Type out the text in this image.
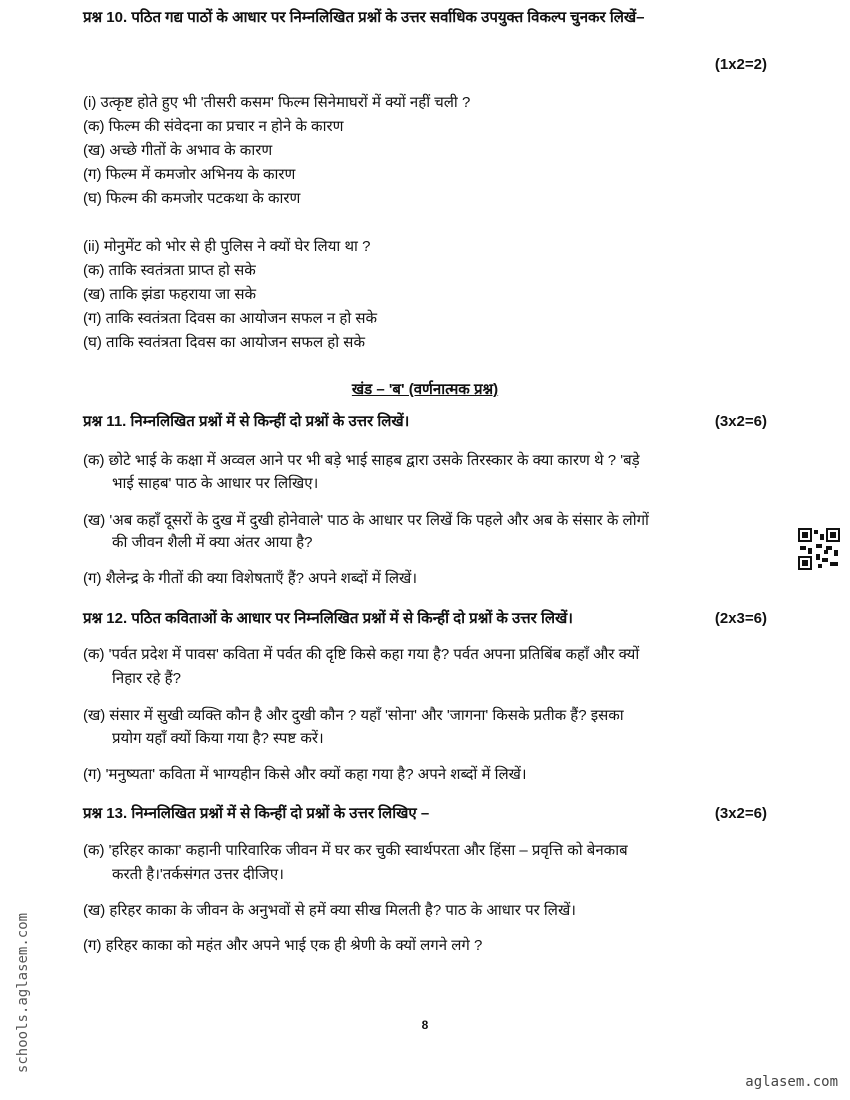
प्रश्न 10. पठित गद्य पाठों के आधार पर निम्नलिखित प्रश्नों के उत्तर सर्वाधिक उपयुक्त विकल्प चुनकर लिखें–
(1x2=2)
(i) उत्कृष्ट होते हुए भी 'तीसरी कसम' फिल्म सिनेमाघरों में क्यों नहीं चली ?
(क) फिल्म की संवेदना का प्रचार न होने के कारण
(ख) अच्छे गीतों के अभाव के कारण
(ग) फिल्म में कमजोर अभिनय के कारण
(घ) फिल्म की कमजोर पटकथा के कारण
(ii) मोनुमेंट को भोर से ही पुलिस ने क्यों घेर लिया था ?
(क) ताकि स्वतंत्रता प्राप्त हो सके
(ख) ताकि झंडा फहराया जा सके
(ग) ताकि स्वतंत्रता दिवस का आयोजन सफल न हो सके
(घ) ताकि स्वतंत्रता दिवस का आयोजन सफल हो सके
खंड – 'ब' (वर्णनात्मक प्रश्न)
प्रश्न 11. निम्नलिखित प्रश्नों में से किन्हीं दो प्रश्नों के उत्तर लिखें।	(3x2=6)
(क) छोटे भाई के कक्षा में अव्वल आने पर भी बड़े भाई साहब द्वारा उसके तिरस्कार के क्या कारण थे ? 'बड़े
भाई साहब' पाठ के आधार पर लिखिए।
(ख) 'अब कहाँ दूसरों के दुख में दुखी होनेवाले' पाठ के आधार पर लिखें कि पहले और अब के संसार के लोगों
की जीवन शैली में क्या अंतर आया है?
(ग) शैलेन्द्र के गीतों की क्या विशेषताएँ हैं? अपने शब्दों में लिखें।
प्रश्न 12. पठित कविताओं के आधार पर निम्नलिखित प्रश्नों में से किन्हीं दो प्रश्नों के उत्तर लिखें।	(2x3=6)
(क) 'पर्वत प्रदेश में पावस' कविता में पर्वत की दृष्टि किसे कहा गया है? पर्वत अपना प्रतिबिंब कहाँ और क्यों
निहार रहे हैं?
(ख) संसार में सुखी व्यक्ति कौन है और दुखी कौन ? यहाँ 'सोना' और 'जागना' किसके प्रतीक हैं? इसका
प्रयोग यहाँ क्यों किया गया है? स्पष्ट करें।
(ग) 'मनुष्यता' कविता में भाग्यहीन किसे और क्यों कहा गया है? अपने शब्दों में लिखें।
प्रश्न 13. निम्नलिखित प्रश्नों में से किन्हीं दो प्रश्नों के उत्तर लिखिए –	(3x2=6)
(क) 'हरिहर काका' कहानी पारिवारिक जीवन में घर कर चुकी स्वार्थपरता और हिंसा – प्रवृत्ति को बेनकाब
करती है।'तर्कसंगत उत्तर दीजिए।
(ख) हरिहर काका के जीवन के अनुभवों से हमें क्या सीख मिलती है? पाठ के आधार पर लिखें।
(ग) हरिहर काका को महंत और अपने भाई एक ही श्रेणी के क्यों लगने लगे ?
8
schools.aglasem.com
aglasem.com
